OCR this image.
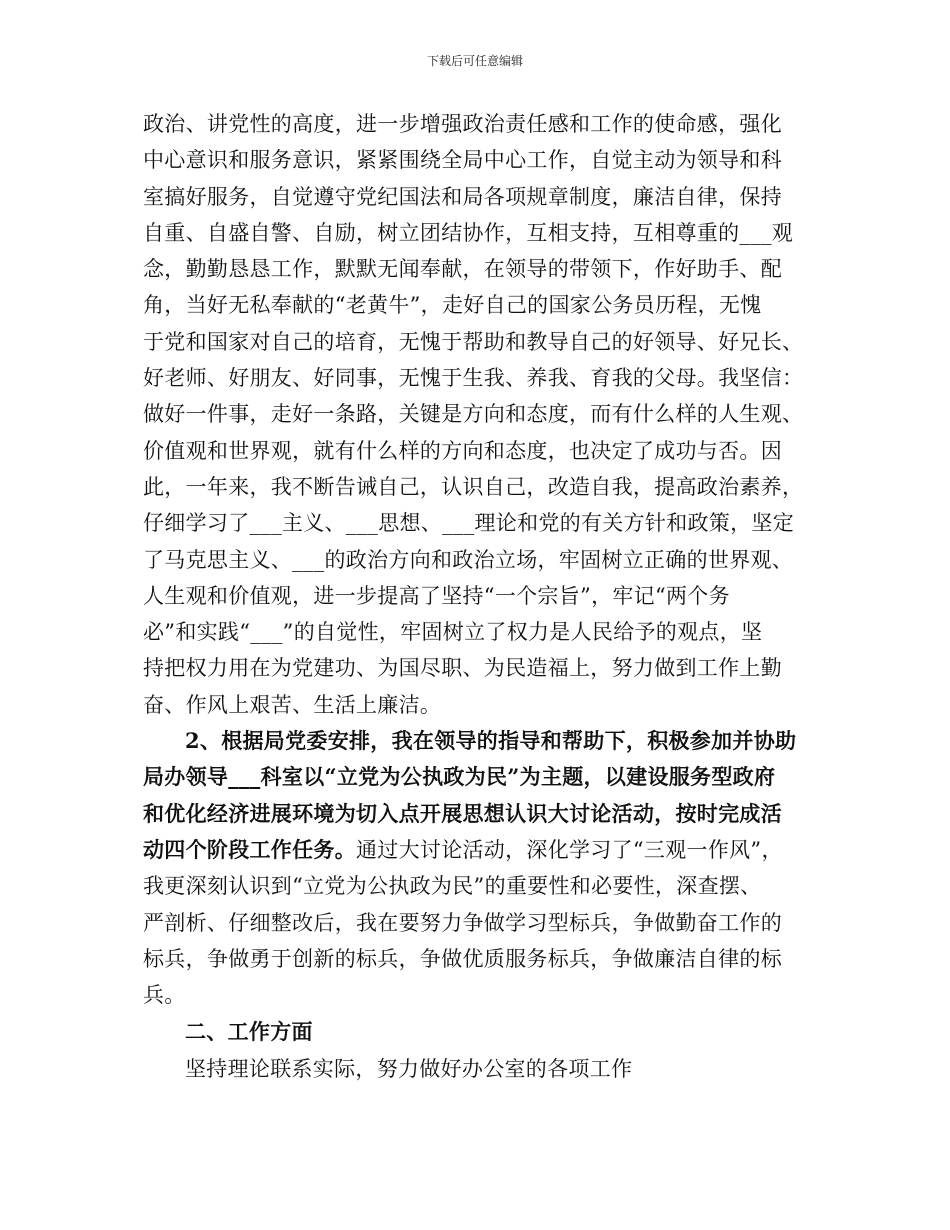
下载后可任意编辑
政治、讲党性的高度，进一步增强政治责任感和工作的使命感，强化
中心意识和服务意识，紧紧围绕全局中心工作，自觉主动为领导和科
室搞好服务，自觉遵守党纪国法和局各项规章制度，廉洁自律，保持
自重、自盛自警、自励，树立团结协作，互相支持，互相尊重的___观
念，勤勤恳恳工作，默默无闻奉献，在领导的带领下，作好助手、配
角，当好无私奉献的“老黄牛”，走好自己的国家公务员历程，无愧
于党和国家对自己的培育，无愧于帮助和教导自己的好领导、好兄长、
好老师、好朋友、好同事，无愧于生我、养我、育我的父母。我坚信：
做好一件事，走好一条路，关键是方向和态度，而有什么样的人生观、
价值观和世界观，就有什么样的方向和态度，也决定了成功与否。因
此，一年来，我不断告诫自己，认识自己，改造自我，提高政治素养，
仔细学习了___主义、___思想、___理论和党的有关方针和政策，坚定
了马克思主义、___的政治方向和政治立场，牢固树立正确的世界观、
人生观和价值观，进一步提高了坚持“一个宗旨”，牢记“两个务
必”和实践“___”的自觉性，牢固树立了权力是人民给予的观点，坚
持把权力用在为党建功、为国尽职、为民造福上，努力做到工作上勤
奋、作风上艰苦、生活上廉洁。
2、根据局党委安排，我在领导的指导和帮助下，积极参加并协助
局办领导___科室以“立党为公执政为民”为主题，以建设服务型政府
和优化经济进展环境为切入点开展思想认识大讨论活动，按时完成活
动四个阶段工作任务。通过大讨论活动，深化学习了“三观一作风”，
我更深刻认识到“立党为公执政为民”的重要性和必要性，深查摆、
严剖析、仔细整改后，我在要努力争做学习型标兵，争做勤奋工作的
标兵，争做勇于创新的标兵，争做优质服务标兵，争做廉洁自律的标
兵。
二、工作方面
坚持理论联系实际，努力做好办公室的各项工作
